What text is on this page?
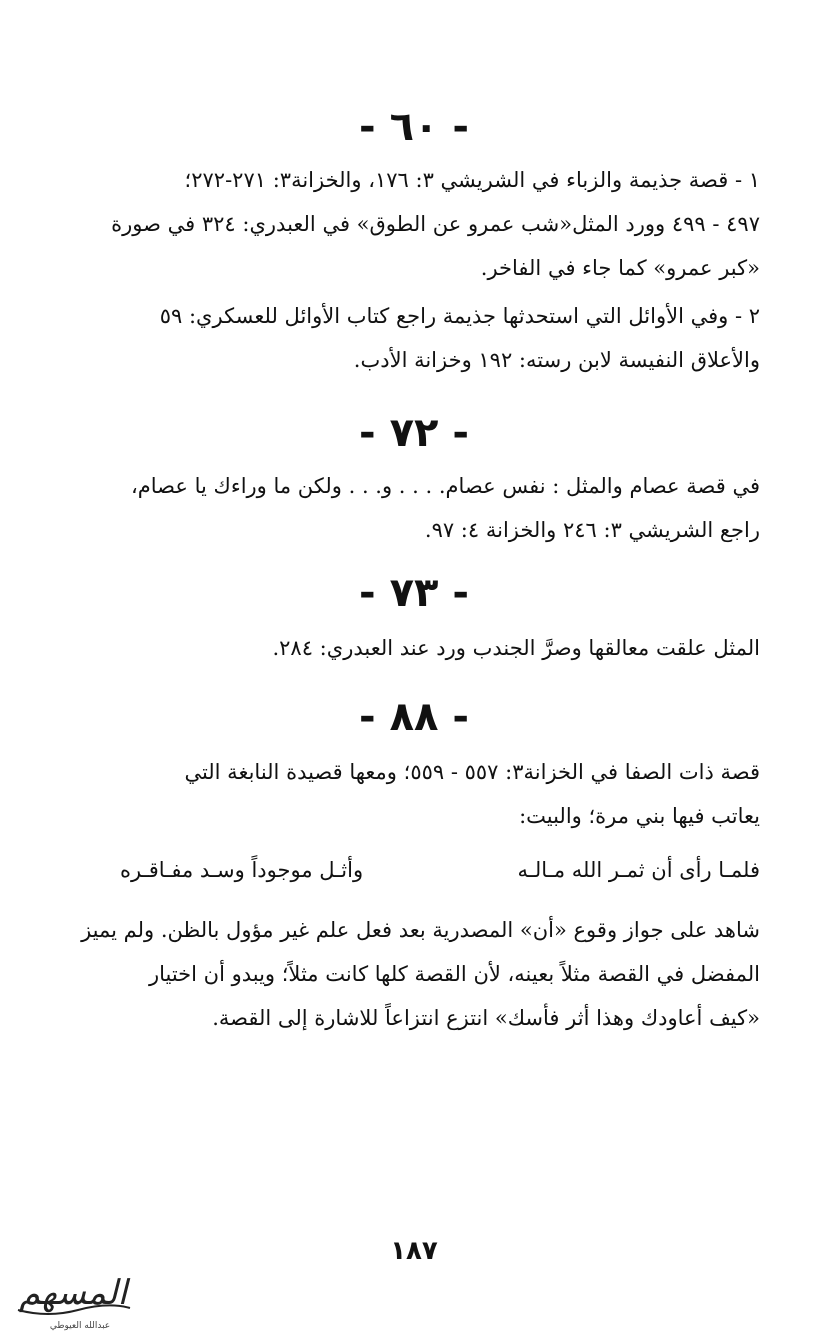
- ٦٠ -
١ - قصة جذيمة والزباء في الشريشي ٣: ١٧٦، والخزانة٣: ٢٧١-٢٧٢؛
٤٩٧ - ٤٩٩ وورد المثل«شب عمرو عن الطوق» في العبدري: ٣٢٤ في صورة
«كبر عمرو» كما جاء في الفاخر.
٢ - وفي الأوائل التي استحدثها جذيمة راجع كتاب الأوائل للعسكري: ٥٩
والأعلاق النفيسة لابن رسته: ١٩٢ وخزانة الأدب.
- ٧٢ -
في قصة عصام والمثل : نفس عصام. . . . و. . . ولكن ما وراءك يا عصام،
راجع الشريشي ٣: ٢٤٦ والخزانة ٤: ٩٧.
- ٧٣ -
المثل علقت معالقها وصرَّ الجندب ورد عند العبدري: ٢٨٤.
- ٨٨ -
قصة ذات الصفا في الخزانة٣: ٥٥٧ - ٥٥٩؛ ومعها قصيدة النابغة التي
يعاتب فيها بني مرة؛ والبيت:
فلمـا رأى أن ثمـر الله مـالـه
وأثـل موجوداً وسـد مفـاقـره
شاهد على جواز وقوع «أن» المصدرية بعد فعل علم غير مؤول بالظن. ولم يميز
المفضل في القصة مثلاً بعينه، لأن القصة كلها كانت مثلاً؛ ويبدو أن اختيار
«كيف أعاودك وهذا أثر فأسك» انتزع انتزاعاً للاشارة إلى القصة.
١٨٧
المسهم
عبدالله العيوطي
